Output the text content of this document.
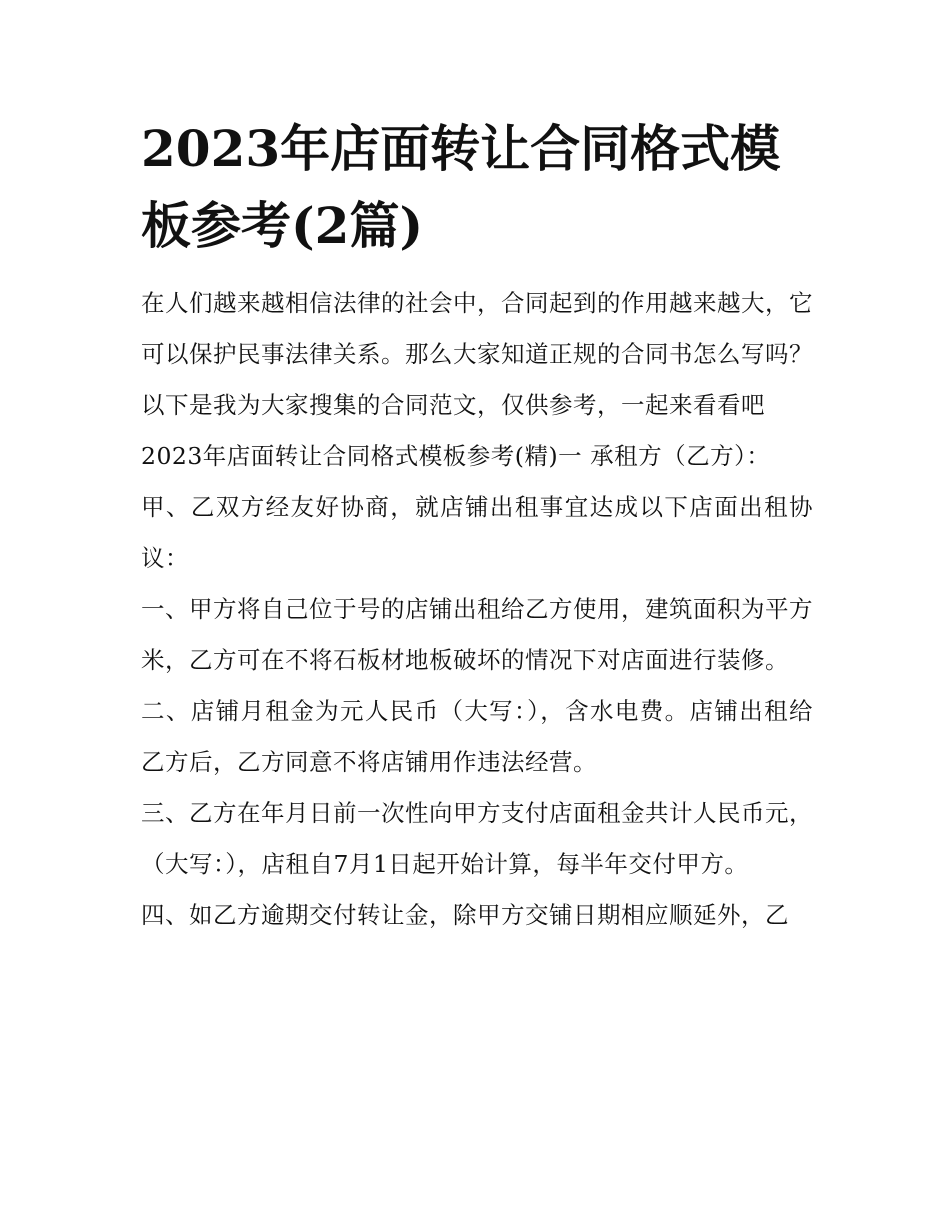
2023年店面转让合同格式模板参考(2篇)

在人们越来越相信法律的社会中，合同起到的作用越来越大，它可以保护民事法律关系。那么大家知道正规的合同书怎么写吗？以下是我为大家搜集的合同范文，仅供参考，一起来看看吧

2023年店面转让合同格式模板参考(精)一 承租方（乙方）：

甲、乙双方经友好协商，就店铺出租事宜达成以下店面出租协议：

一、甲方将自己位于号的店铺出租给乙方使用，建筑面积为平方米，乙方可在不将石板材地板破坏的情况下对店面进行装修。

二、店铺月租金为元人民币（大写：），含水电费。店铺出租给乙方后，乙方同意不将店铺用作违法经营。

三、乙方在年月日前一次性向甲方支付店面租金共计人民币元，（大写：），店租自7月1日起开始计算，每半年交付甲方。

四、如乙方逾期交付转让金，除甲方交铺日期相应顺延外，乙
